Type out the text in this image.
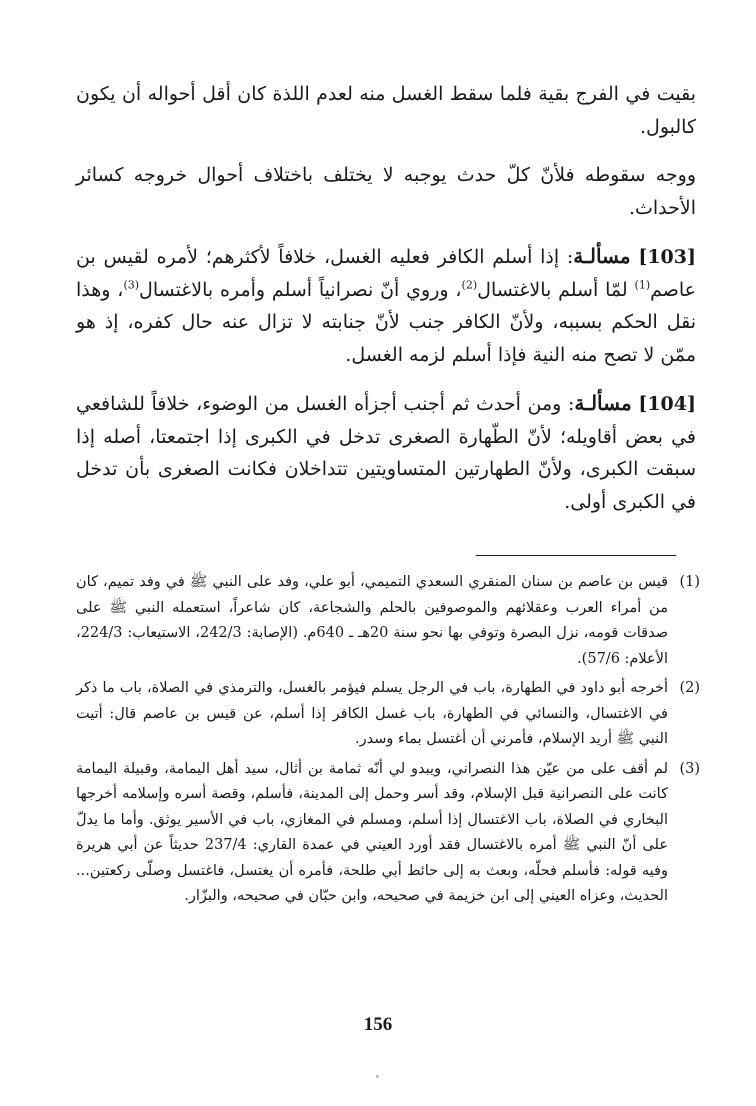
بقيت في الفرج بقية فلما سقط الغسل منه لعدم اللذة كان أقل أحواله أن يكون كالبول.

ووجه سقوطه فلأنّ كلّ حدث يوجبه لا يختلف باختلاف أحوال خروجه كسائر الأحداث.

[103] مسألـة: إذا أسلم الكافر فعليه الغسل، خلافاً لأكثرهم؛ لأمره لقيس بن عاصم$^{(1)}$ لمّا أسلم بالاغتسال$^{(2)}$، وروي أنّ نصرانياً أسلم وأمره بالاغتسال$^{(3)}$، وهذا نقل الحكم بسببه، ولأنّ الكافر جنب لأنّ جنابته لا تزال عنه حال كفره، إذ هو ممّن لا تصح منه النية فإذا أسلم لزمه الغسل.

[104] مسألـة: ومن أحدث ثم أجنب أجزأه الغسل من الوضوء، خلافاً للشافعي في بعض أقاويله؛ لأنّ الطّهارة الصغرى تدخل في الكبرى إذا اجتمعتا، أصله إذا سبقت الكبرى، ولأنّ الطهارتين المتساويتين تتداخلان فكانت الصغرى بأن تدخل في الكبرى أولى.

(1)
قيس بن عاصم بن سنان المنقري السعدي التميمي، أبو علي، وفد على النبي ﷺ في وفد تميم، كان من أمراء العرب وعقلائهم والموصوفين بالحلم والشجاعة، كان شاعراً، استعمله النبي ﷺ على صدقات قومه، نزل البصرة وتوفي بها نحو سنة 20هـ ـ 640م. (الإصابة: 242/3، الاستيعاب: 224/3، الأعلام: 57/6).
(2)
أخرجه أبو داود في الطهارة، باب في الرجل يسلم فيؤمر بالغسل، والترمذي في الصلاة، باب ما ذكر في الاغتسال، والنسائي في الطهارة، باب غسل الكافر إذا أسلم، عن قيس بن عاصم قال: أتيت النبي ﷺ أريد الإسلام، فأمرني أن أغتسل بماء وسدر.
(3)
لم أقف على من عيّن هذا النصراني، ويبدو لي أنّه ثمامة بن أثال، سيد أهل اليمامة، وقبيلة اليمامة كانت على النصرانية قبل الإسلام، وقد أسر وحمل إلى المدينة، فأسلم، وقصة أسره وإسلامه أخرجها البخاري في الصلاة، باب الاغتسال إذا أسلم، ومسلم في المغازي، باب في الأسير يوثق. وأما ما يدلّ على أنّ النبي ﷺ أمره بالاغتسال فقد أورد العيني في عمدة القاري: 237/4 حديثاً عن أبي هريرة وفيه قوله: فأسلم فحلّه، وبعث به إلى حائط أبي طلحة، فأمره أن يغتسل، فاغتسل وصلّى ركعتين... الحديث، وعزاه العيني إلى ابن خزيمة في صحيحه، وابن حبّان في صحيحه، والبزّار.
156
